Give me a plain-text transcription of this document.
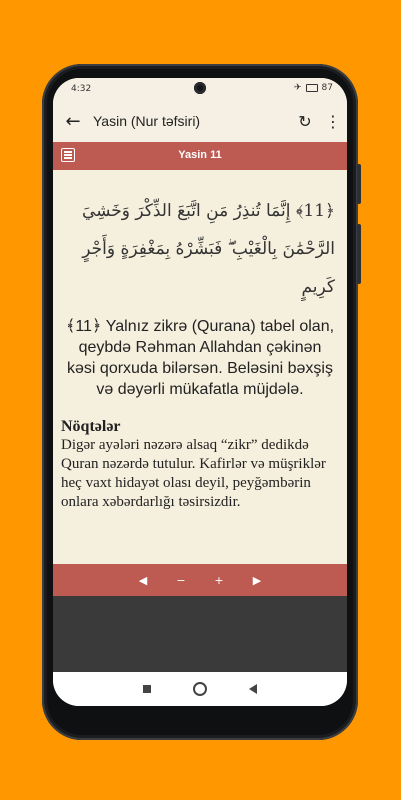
4:32	✈ 87
← Yasin (Nur təfsiri)	↻ ⋮
Yasin 11
﴿11﴾ إِنَّمَا تُنذِرُ مَنِ اتَّبَعَ الذِّكْرَ وَخَشِيَ الرَّحْمَٰنَ بِالْغَيْبِ ۖ فَبَشِّرْهُ بِمَغْفِرَةٍ وَأَجْرٍ كَرِيمٍ
﴾11﴿ Yalnız zikrə (Qurana) tabel olan, qeybdə Rəhman Allahdan çəkinən kəsi qorxuda bilərsən. Beləsini bəxşiş və dəyərli mükafatla müjdələ.
Nöqtələr
Digər ayələri nəzərə alsaq “zikr” dedikdə Quran nəzərdə tutulur. Kafirlər və müşriklər heç vaxt hidayət olası deyil, peyğəmbərin onlara xəbərdarlığı təsirsizdir.
◀	−	+	▶
